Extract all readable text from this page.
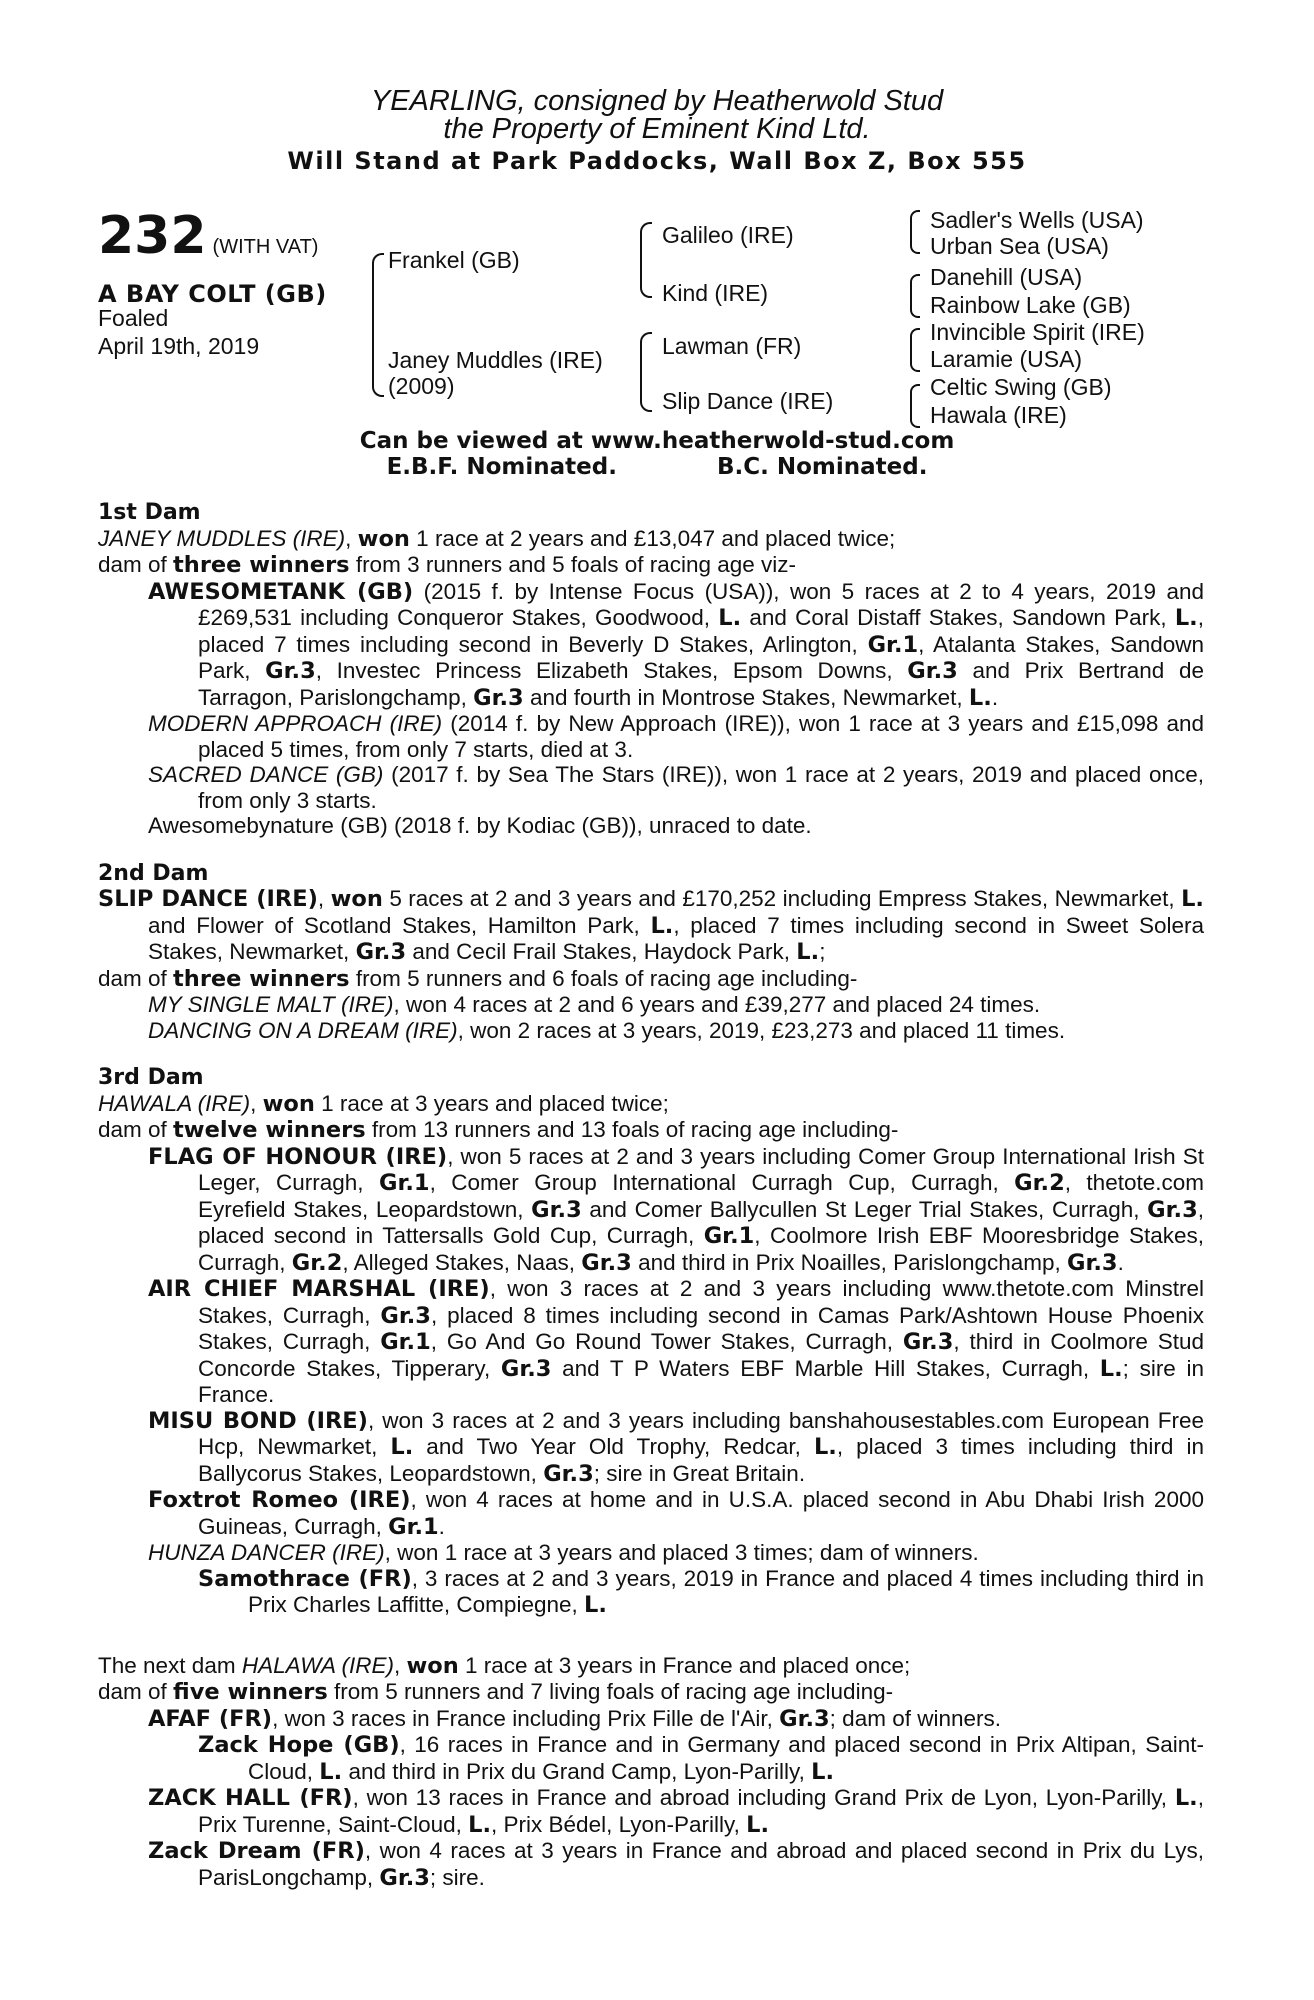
YEARLING, consigned by Heatherwold Stud
the Property of Eminent Kind Ltd.
Will Stand at Park Paddocks, Wall Box Z, Box 555
232 (WITH VAT)
A BAY COLT (GB)
Foaled
April 19th, 2019
Frankel (GB)
Janey Muddles (IRE)
(2009)
Galileo (IRE)
Kind (IRE)
Lawman (FR)
Slip Dance (IRE)
Sadler's Wells (USA)
Urban Sea (USA)
Danehill (USA)
Rainbow Lake (GB)
Invincible Spirit (IRE)
Laramie (USA)
Celtic Swing (GB)
Hawala (IRE)
Can be viewed at www.heatherwold-stud.com
E.B.F. Nominated.	B.C. Nominated.
1st Dam

JANEY MUDDLES (IRE), won 1 race at 2 years and £13,047 and placed twice;

dam of three winners from 3 runners and 5 foals of racing age viz-

AWESOMETANK (GB) (2015 f. by Intense Focus (USA)), won 5 races at 2 to 4 years, 2019 and £269,531 including Conqueror Stakes, Goodwood, L. and Coral Distaff Stakes, Sandown Park, L., placed 7 times including second in Beverly D Stakes, Arlington, Gr.1, Atalanta Stakes, Sandown Park, Gr.3, Investec Princess Elizabeth Stakes, Epsom Downs, Gr.3 and Prix Bertrand de Tarragon, Parislongchamp, Gr.3 and fourth in Montrose Stakes, Newmarket, L..

MODERN APPROACH (IRE) (2014 f. by New Approach (IRE)), won 1 race at 3 years and £15,098 and placed 5 times, from only 7 starts, died at 3.

SACRED DANCE (GB) (2017 f. by Sea The Stars (IRE)), won 1 race at 2 years, 2019 and placed once, from only 3 starts.

Awesomebynature (GB) (2018 f. by Kodiac (GB)), unraced to date.

2nd Dam

SLIP DANCE (IRE), won 5 races at 2 and 3 years and £170,252 including Empress Stakes, Newmarket, L. and Flower of Scotland Stakes, Hamilton Park, L., placed 7 times including second in Sweet Solera Stakes, Newmarket, Gr.3 and Cecil Frail Stakes, Haydock Park, L.;

dam of three winners from 5 runners and 6 foals of racing age including-

MY SINGLE MALT (IRE), won 4 races at 2 and 6 years and £39,277 and placed 24 times.

DANCING ON A DREAM (IRE), won 2 races at 3 years, 2019, £23,273 and placed 11 times.

3rd Dam

HAWALA (IRE), won 1 race at 3 years and placed twice;

dam of twelve winners from 13 runners and 13 foals of racing age including-

FLAG OF HONOUR (IRE), won 5 races at 2 and 3 years including Comer Group International Irish St Leger, Curragh, Gr.1, Comer Group International Curragh Cup, Curragh, Gr.2, thetote.com Eyrefield Stakes, Leopardstown, Gr.3 and Comer Ballycullen St Leger Trial Stakes, Curragh, Gr.3, placed second in Tattersalls Gold Cup, Curragh, Gr.1, Coolmore Irish EBF Mooresbridge Stakes, Curragh, Gr.2, Alleged Stakes, Naas, Gr.3 and third in Prix Noailles, Parislongchamp, Gr.3.

AIR CHIEF MARSHAL (IRE), won 3 races at 2 and 3 years including www.thetote.com Minstrel Stakes, Curragh, Gr.3, placed 8 times including second in Camas Park/Ashtown House Phoenix Stakes, Curragh, Gr.1, Go And Go Round Tower Stakes, Curragh, Gr.3, third in Coolmore Stud Concorde Stakes, Tipperary, Gr.3 and T P Waters EBF Marble Hill Stakes, Curragh, L.; sire in France.

MISU BOND (IRE), won 3 races at 2 and 3 years including banshahousestables.com European Free Hcp, Newmarket, L. and Two Year Old Trophy, Redcar, L., placed 3 times including third in Ballycorus Stakes, Leopardstown, Gr.3; sire in Great Britain.

Foxtrot Romeo (IRE), won 4 races at home and in U.S.A. placed second in Abu Dhabi Irish 2000 Guineas, Curragh, Gr.1.

HUNZA DANCER (IRE), won 1 race at 3 years and placed 3 times; dam of winners.

Samothrace (FR), 3 races at 2 and 3 years, 2019 in France and placed 4 times including third in Prix Charles Laffitte, Compiegne, L.

The next dam HALAWA (IRE), won 1 race at 3 years in France and placed once;

dam of five winners from 5 runners and 7 living foals of racing age including-

AFAF (FR), won 3 races in France including Prix Fille de l'Air, Gr.3; dam of winners.

Zack Hope (GB), 16 races in France and in Germany and placed second in Prix Altipan, Saint-Cloud, L. and third in Prix du Grand Camp, Lyon-Parilly, L.

ZACK HALL (FR), won 13 races in France and abroad including Grand Prix de Lyon, Lyon-Parilly, L., Prix Turenne, Saint-Cloud, L., Prix Bédel, Lyon-Parilly, L.

Zack Dream (FR), won 4 races at 3 years in France and abroad and placed second in Prix du Lys, ParisLongchamp, Gr.3; sire.
